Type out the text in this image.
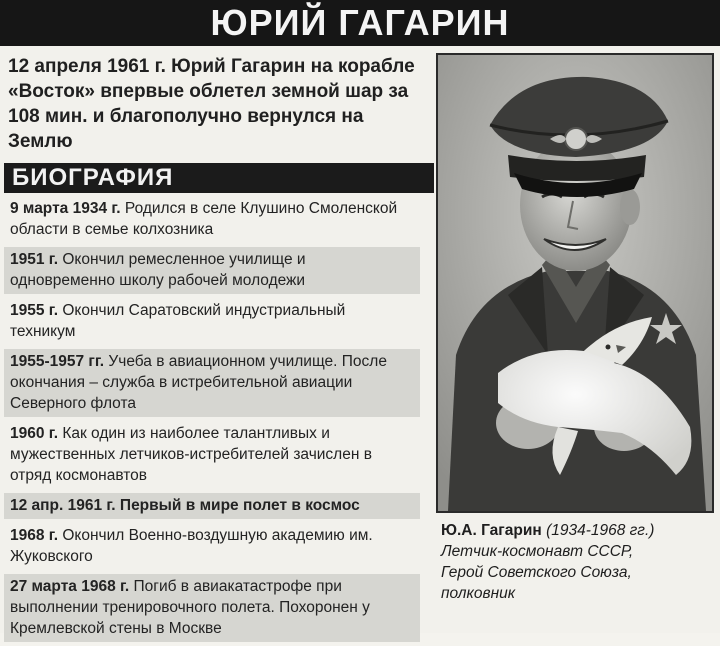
ЮРИЙ ГАГАРИН
12 апреля 1961 г. Юрий Гагарин на корабле «Восток» впервые облетел земной шар за 108 мин. и благополучно вернулся на Землю
БИОГРАФИЯ
9 марта 1934 г. Родился в селе Клушино Смоленской области в семье колхозника
1951 г. Окончил ремесленное училище и одновременно школу рабочей молодежи
1955 г. Окончил Саратовский индустриальный техникум
1955-1957 гг. Учеба в авиационном училище. После окончания – служба в истребительной авиации Северного флота
1960 г. Как один из наиболее талантливых и мужественных летчиков-истребителей зачислен в отряд космонавтов
12 апр. 1961 г. Первый в мире полет в космос
1968 г. Окончил Военно-воздушную академию им. Жуковского
27 марта 1968 г. Погиб в авиакатастрофе при выполнении тренировочного полета. Похоронен у Кремлевской стены в Москве
Ю.А. Гагарин (1934-1968 гг.)
Летчик-космонавт СССР,
Герой Советского Союза,
полковник
